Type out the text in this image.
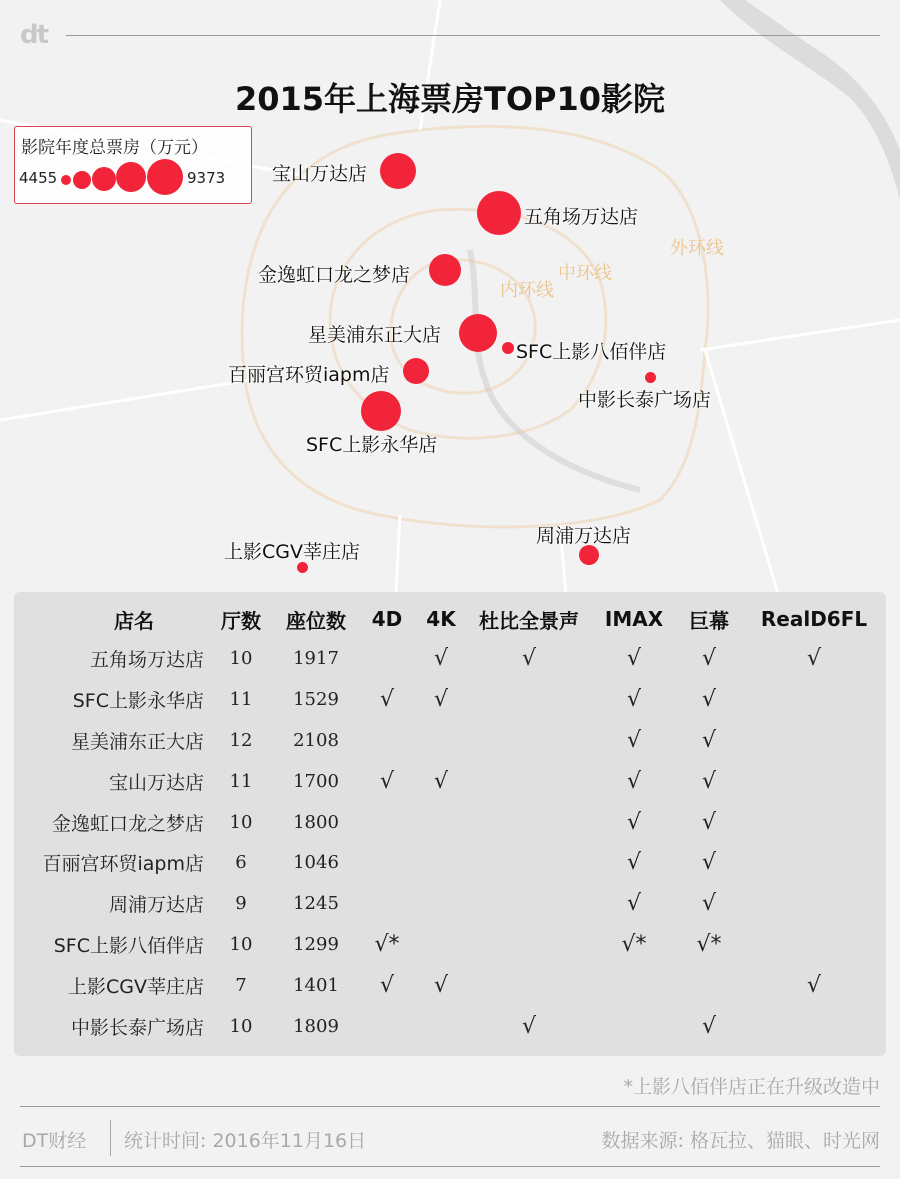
dt
2015年上海票房TOP10影院
影院年度总票房（万元）
4455	9373
外环线
中环线
内环线
宝山万达店
五角场万达店
金逸虹口龙之梦店
星美浦东正大店
SFC上影八佰伴店
百丽宫环贸iapm店
中影长泰广场店
SFC上影永华店
上影CGV莘庄店
周浦万达店
店名	厅数	座位数	4D	4K	杜比全景声	IMAX	巨幕	RealD6FL
五角场万达店	10	1917		√	√	√	√	√
SFC上影永华店	11	1529	√	√		√	√	
星美浦东正大店	12	2108				√	√	
宝山万达店	11	1700	√	√		√	√	
金逸虹口龙之梦店	10	1800				√	√	
百丽宫环贸iapm店	6	1046				√	√	
周浦万达店	9	1245				√	√	
SFC上影八佰伴店	10	1299	√*			√*	√*	
上影CGV莘庄店	7	1401	√	√				√
中影长泰广场店	10	1809			√		√	
*上影八佰伴店正在升级改造中
DT财经 统计时间: 2016年11月16日	数据来源: 格瓦拉、猫眼、时光网
